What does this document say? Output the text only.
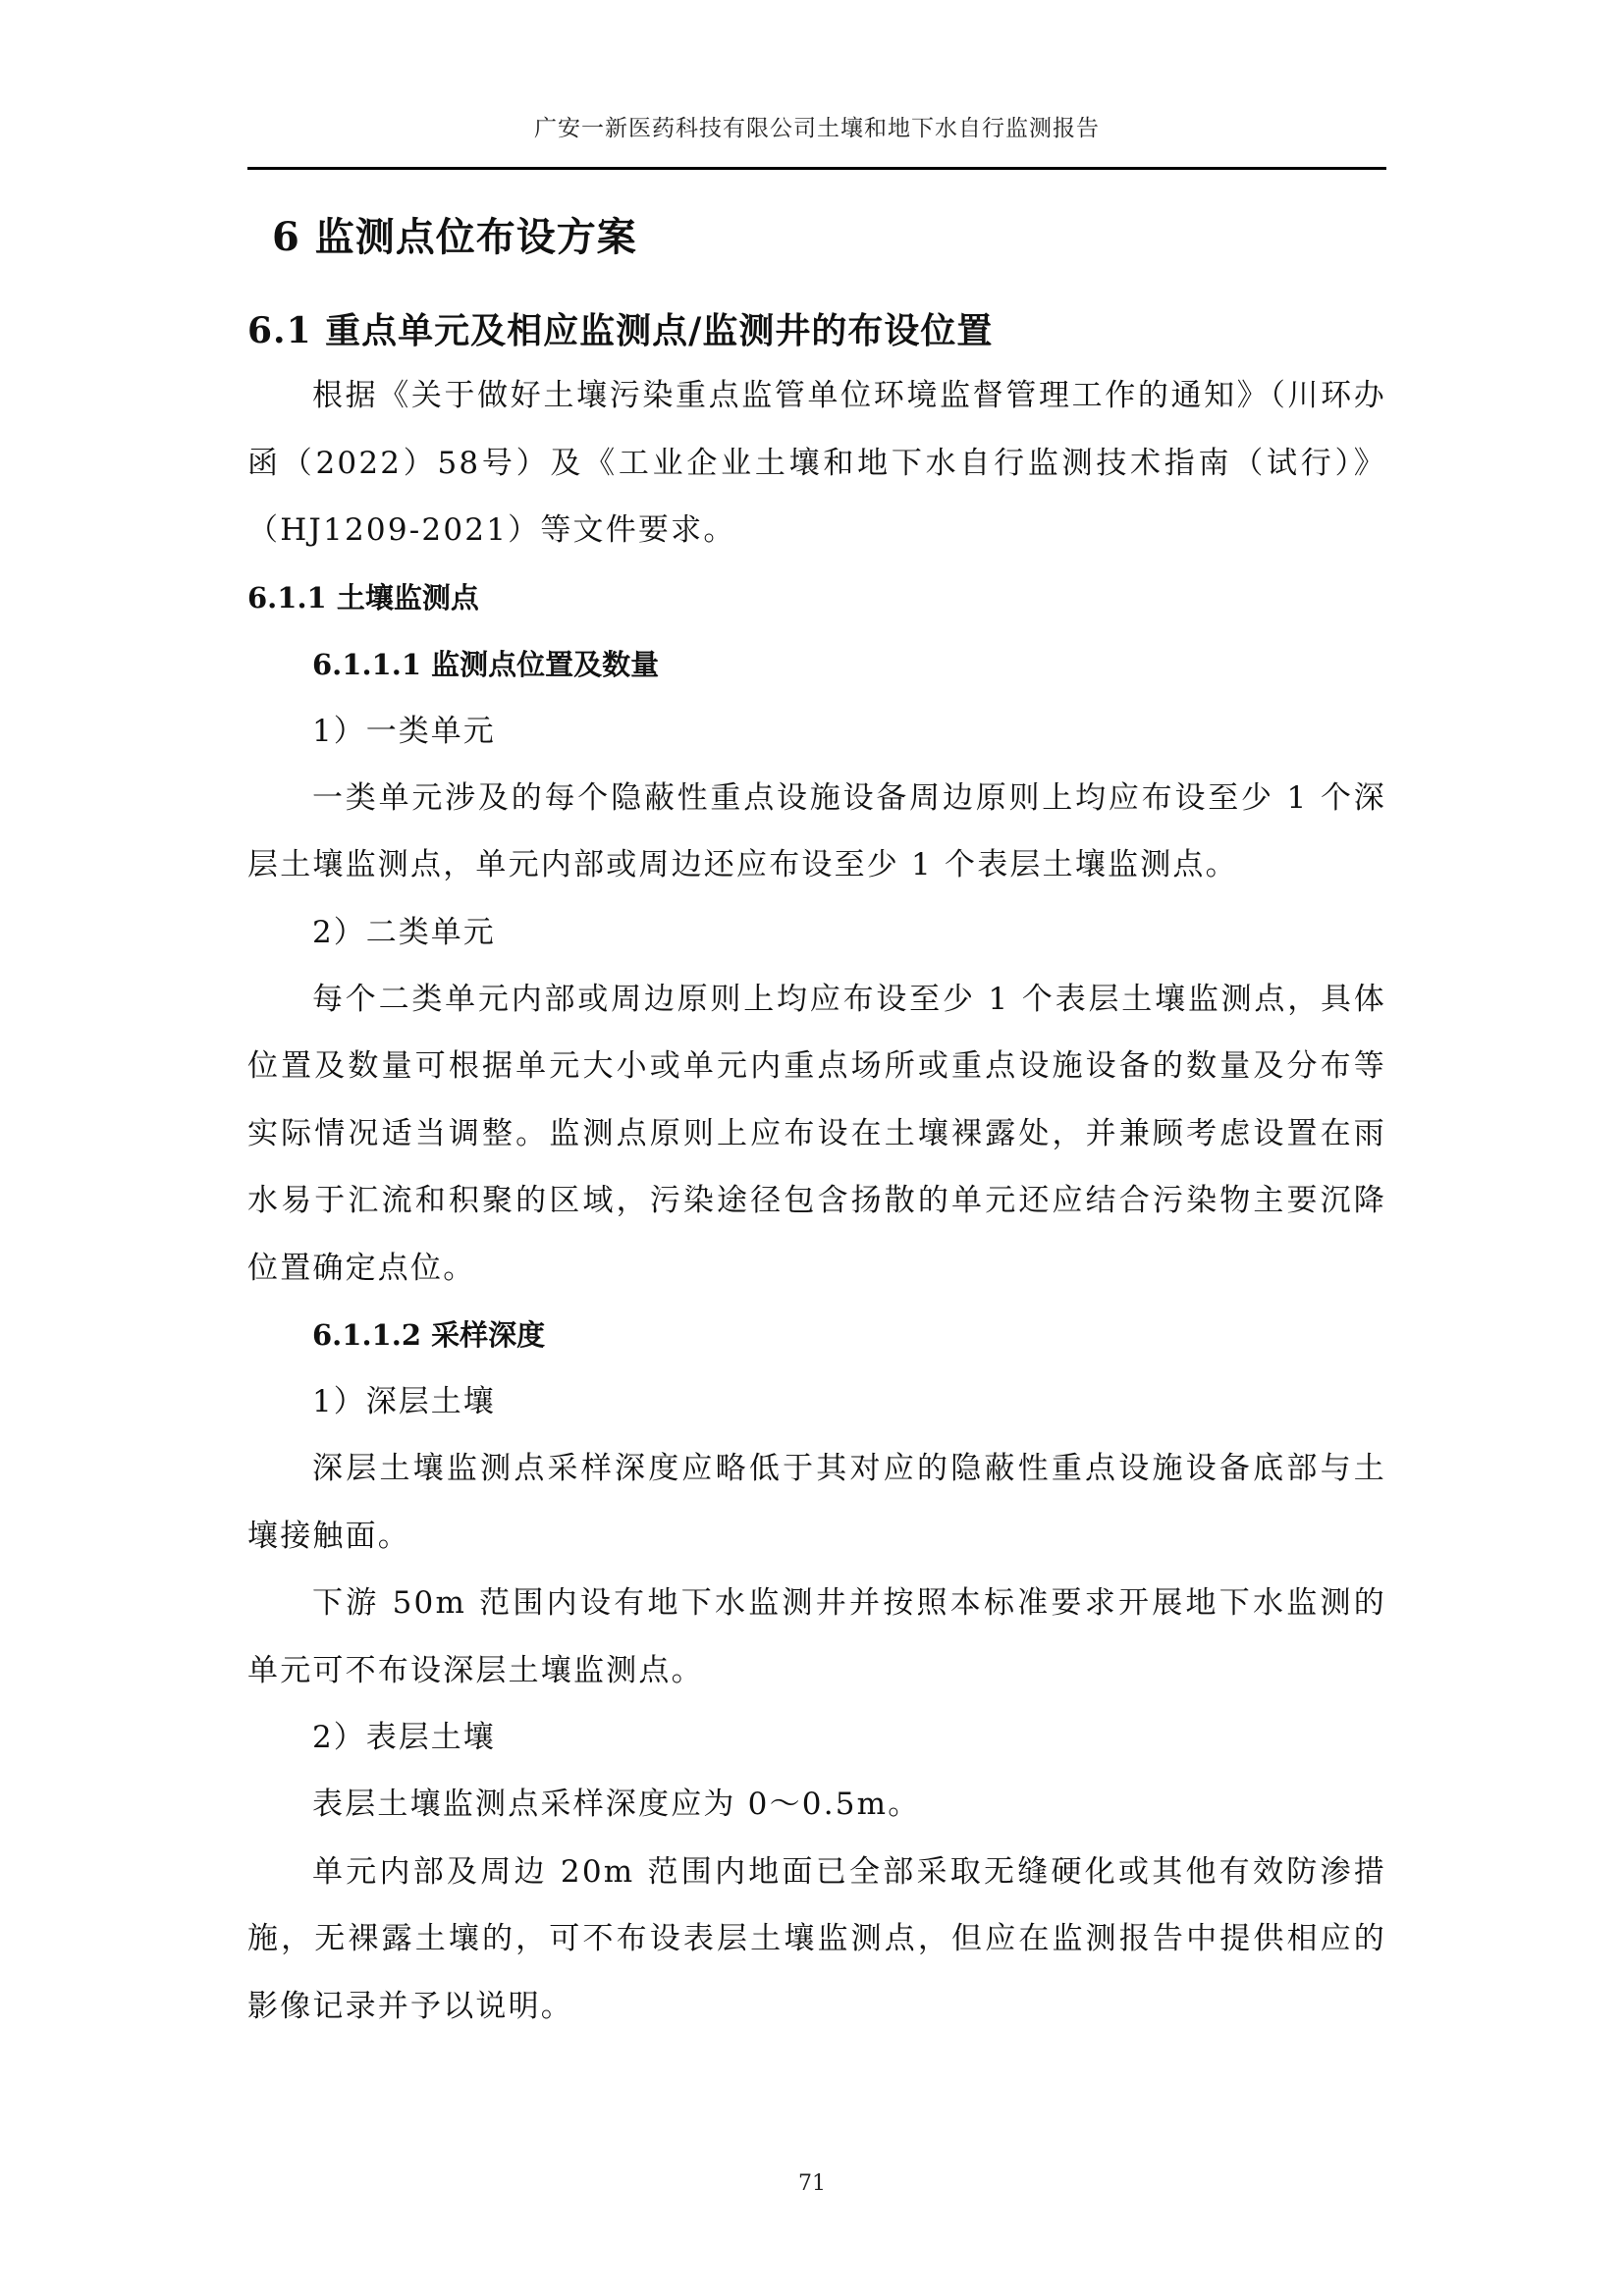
广安一新医药科技有限公司土壤和地下水自行监测报告
6 监测点位布设方案
6.1 重点单元及相应监测点/监测井的布设位置

根据《关于做好土壤污染重点监管单位环境监督管理工作的通知》（川环办函（2022）58号）及《工业企业土壤和地下水自行监测技术指南（试行）》（HJ1209-2021）等文件要求。

6.1.1 土壤监测点
6.1.1.1 监测点位置及数量
1）一类单元

一类单元涉及的每个隐蔽性重点设施设备周边原则上均应布设至少 1 个深层土壤监测点，单元内部或周边还应布设至少 1 个表层土壤监测点。

2）二类单元

每个二类单元内部或周边原则上均应布设至少 1 个表层土壤监测点，具体位置及数量可根据单元大小或单元内重点场所或重点设施设备的数量及分布等实际情况适当调整。监测点原则上应布设在土壤裸露处，并兼顾考虑设置在雨水易于汇流和积聚的区域，污染途径包含扬散的单元还应结合污染物主要沉降位置确定点位。

6.1.1.2 采样深度
1）深层土壤

深层土壤监测点采样深度应略低于其对应的隐蔽性重点设施设备底部与土壤接触面。

下游 50m 范围内设有地下水监测井并按照本标准要求开展地下水监测的单元可不布设深层土壤监测点。

2）表层土壤

表层土壤监测点采样深度应为 0～0.5m。

单元内部及周边 20m 范围内地面已全部采取无缝硬化或其他有效防渗措施，无裸露土壤的，可不布设表层土壤监测点，但应在监测报告中提供相应的影像记录并予以说明。

71
